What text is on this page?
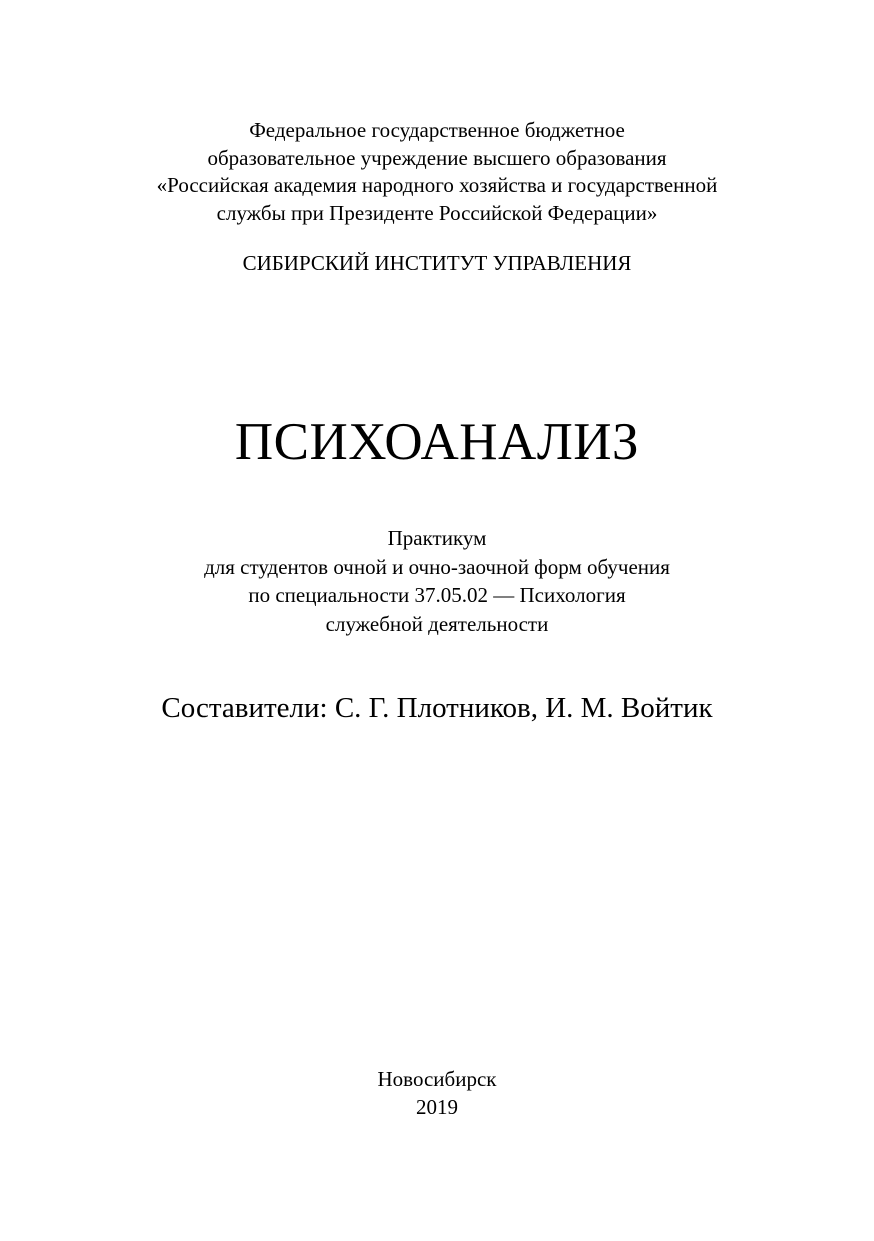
Федеральное государственное бюджетное
образовательное учреждение высшего образования
«Российская академия народного хозяйства и государственной
службы при Президенте Российской Федерации»
СИБИРСКИЙ ИНСТИТУТ УПРАВЛЕНИЯ
ПСИХОАНАЛИЗ
Практикум
для студентов очной и очно-заочной форм обучения
по специальности 37.05.02 — Психология
служебной деятельности
Составители: С. Г. Плотников, И. М. Войтик
Новосибирск
2019
